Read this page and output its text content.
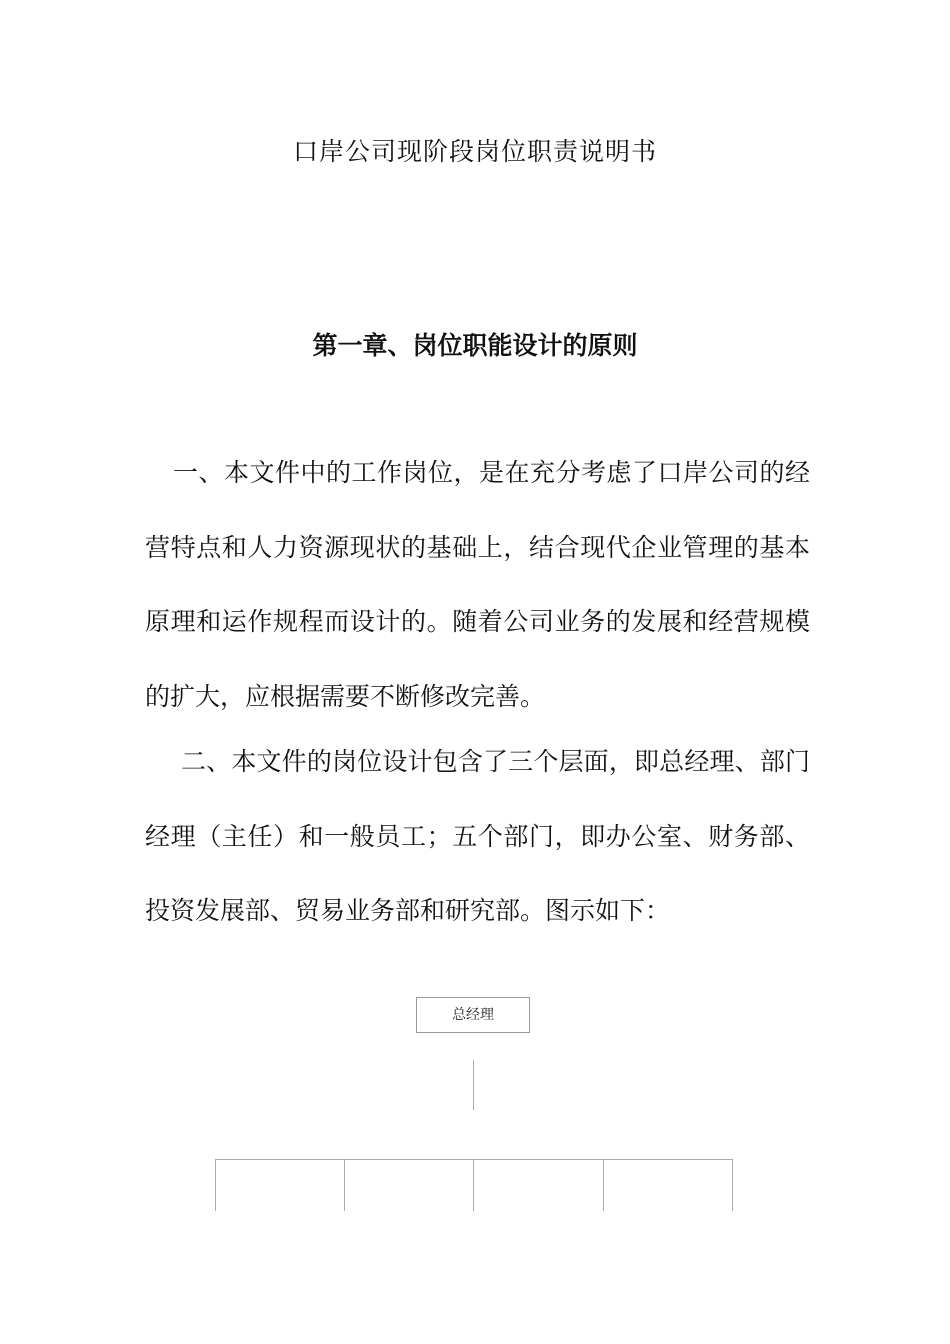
口岸公司现阶段岗位职责说明书
第一章、岗位职能设计的原则

一、本文件中的工作岗位，是在充分考虑了口岸公司的经营特点和人力资源现状的基础上，结合现代企业管理的基本原理和运作规程而设计的。随着公司业务的发展和经营规模的扩大，应根据需要不断修改完善。

二、本文件的岗位设计包含了三个层面，即总经理、部门经理（主任）和一般员工；五个部门，即办公室、财务部、投资发展部、贸易业务部和研究部。图示如下：

总经理
